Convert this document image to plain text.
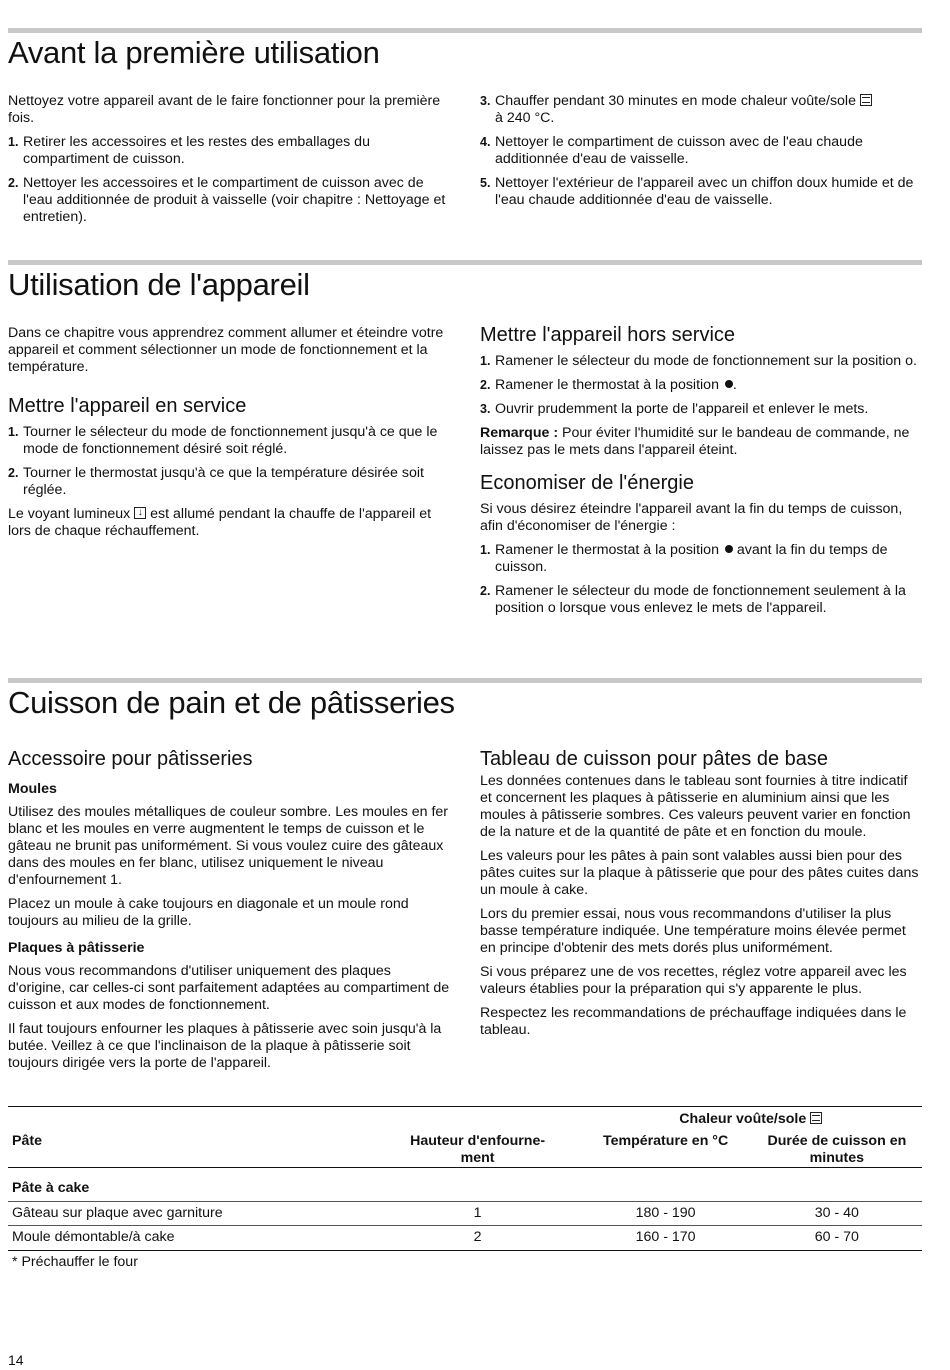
Avant la première utilisation

Nettoyez votre appareil avant de le faire fonctionner pour la première fois.

1. Retirer les accessoires et les restes des emballages du compartiment de cuisson.
2. Nettoyer les accessoires et le compartiment de cuisson avec de l'eau additionnée de produit à vaisselle (voir chapitre : Nettoyage et entretien).
3. Chauffer pendant 30 minutes en mode chaleur voûte/sole
à 240 °C.
4. Nettoyer le compartiment de cuisson avec de l'eau chaude additionnée d'eau de vaisselle.
5. Nettoyer l'extérieur de l'appareil avec un chiffon doux humide et de l'eau chaude additionnée d'eau de vaisselle.
Utilisation de l'appareil

Dans ce chapitre vous apprendrez comment allumer et éteindre votre appareil et comment sélectionner un mode de fonctionnement et la température.

Mettre l'appareil en service
1. Tourner le sélecteur du mode de fonctionnement jusqu'à ce que le mode de fonctionnement désiré soit réglé.
2. Tourner le thermostat jusqu'à ce que la température désirée soit réglée.

Le voyant lumineux ↓ est allumé pendant la chauffe de l'appareil et lors de chaque réchauffement.

Mettre l'appareil hors service
1. Ramener le sélecteur du mode de fonctionnement sur la position o.
2. Ramener le thermostat à la position .
3. Ouvrir prudemment la porte de l'appareil et enlever le mets.

Remarque : Pour éviter l'humidité sur le bandeau de commande, ne laissez pas le mets dans l'appareil éteint.

Economiser de l'énergie

Si vous désirez éteindre l'appareil avant la fin du temps de cuisson, afin d'économiser de l'énergie :

1. Ramener le thermostat à la position avant la fin du temps de cuisson.
2. Ramener le sélecteur du mode de fonctionnement seulement à la position o lorsque vous enlevez le mets de l'appareil.
Cuisson de pain et de pâtisseries
Accessoire pour pâtisseries
Moules

Utilisez des moules métalliques de couleur sombre. Les moules en fer blanc et les moules en verre augmentent le temps de cuisson et le gâteau ne brunit pas uniformément. Si vous voulez cuire des gâteaux dans des moules en fer blanc, utilisez uniquement le niveau d'enfournement 1.

Placez un moule à cake toujours en diagonale et un moule rond toujours au milieu de la grille.

Plaques à pâtisserie

Nous vous recommandons d'utiliser uniquement des plaques d'origine, car celles-ci sont parfaitement adaptées au compartiment de cuisson et aux modes de fonctionnement.

Il faut toujours enfourner les plaques à pâtisserie avec soin jusqu'à la butée. Veillez à ce que l'inclinaison de la plaque à pâtisserie soit toujours dirigée vers la porte de l'appareil.

Tableau de cuisson pour pâtes de base

Les données contenues dans le tableau sont fournies à titre indicatif et concernent les plaques à pâtisserie en aluminium ainsi que les moules à pâtisserie sombres. Ces valeurs peuvent varier en fonction de la nature et de la quantité de pâte et en fonction du moule.

Les valeurs pour les pâtes à pain sont valables aussi bien pour des pâtes cuites sur la plaque à pâtisserie que pour des pâtes cuites dans un moule à cake.

Lors du premier essai, nous vous recommandons d'utiliser la plus basse température indiquée. Une température moins élevée permet en principe d'obtenir des mets dorés plus uniformément.

Si vous préparez une de vos recettes, réglez votre appareil avec les valeurs établies pour la préparation qui s'y apparente le plus.

Respectez les recommandations de préchauffage indiquées dans le tableau.

		Chaleur voûte/sole	
Pâte	Hauteur d'enfourne-ment	Température en °C	Durée de cuisson en minutes
Pâte à cake			
Gâteau sur plaque avec garniture	1	180 - 190	30 - 40
Moule démontable/à cake	2	160 - 170	60 - 70
* Préchauffer le four			
14
